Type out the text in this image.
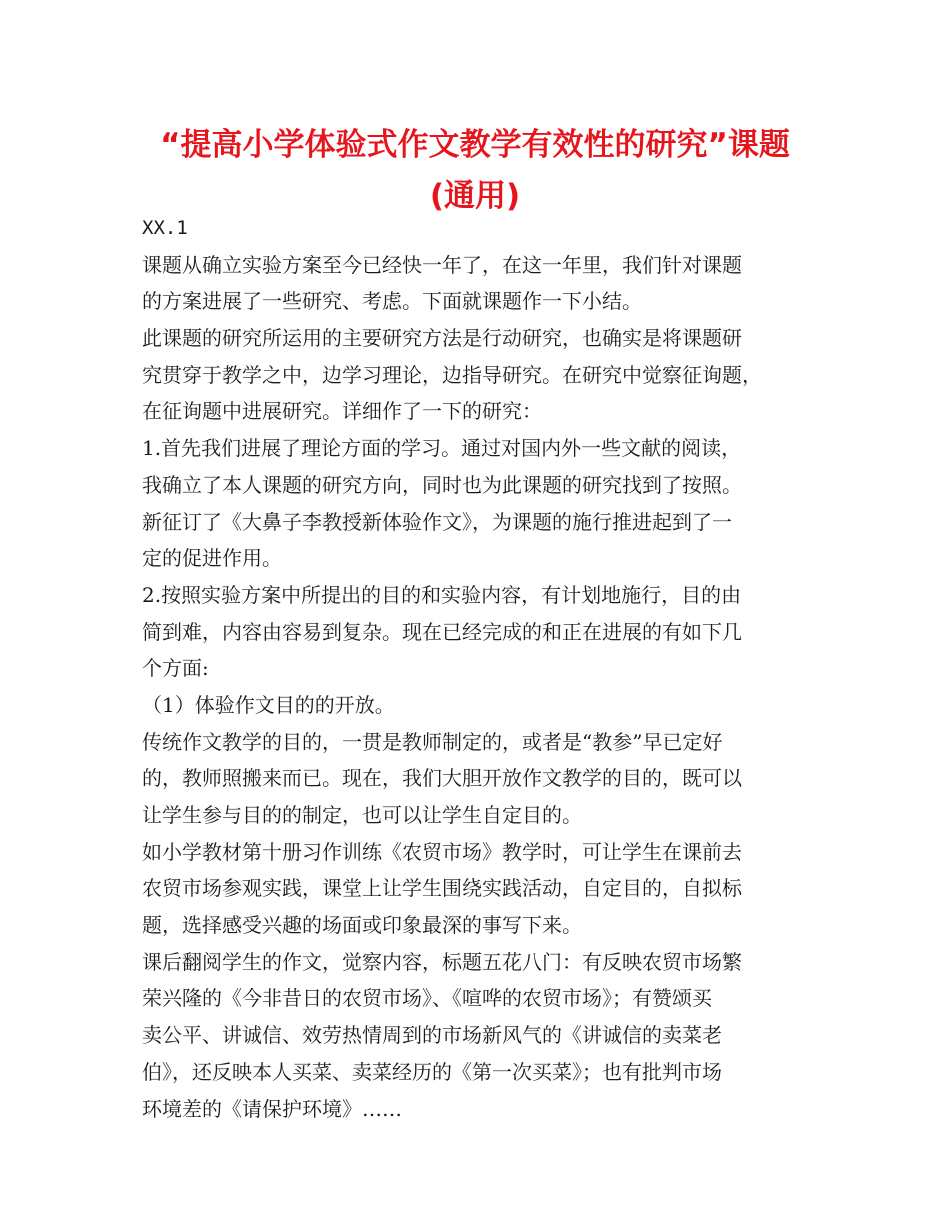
“提高小学体验式作文教学有效性的研究”课题
(通用)

XX.1

课题从确立实验方案至今已经快一年了，在这一年里，我们针对课题

的方案进展了一些研究、考虑。下面就课题作一下小结。

此课题的研究所运用的主要研究方法是行动研究，也确实是将课题研

究贯穿于教学之中，边学习理论，边指导研究。在研究中觉察征询题，

在征询题中进展研究。详细作了一下的研究：

1.首先我们进展了理论方面的学习。通过对国内外一些文献的阅读，

我确立了本人课题的研究方向，同时也为此课题的研究找到了按照。

新征订了《大鼻子李教授新体验作文》，为课题的施行推进起到了一

定的促进作用。

2.按照实验方案中所提出的目的和实验内容，有计划地施行，目的由

简到难，内容由容易到复杂。现在已经完成的和正在进展的有如下几

个方面:

（1）体验作文目的的开放。

传统作文教学的目的，一贯是教师制定的，或者是“教参”早已定好

的，教师照搬来而已。现在，我们大胆开放作文教学的目的，既可以

让学生参与目的的制定，也可以让学生自定目的。

如小学教材第十册习作训练《农贸市场》教学时，可让学生在课前去

农贸市场参观实践，课堂上让学生围绕实践活动，自定目的，自拟标

题，选择感受兴趣的场面或印象最深的事写下来。

课后翻阅学生的作文，觉察内容，标题五花八门：有反映农贸市场繁

荣兴隆的《今非昔日的农贸市场》、《喧哗的农贸市场》；有赞颂买

卖公平、讲诚信、效劳热情周到的市场新风气的《讲诚信的卖菜老

伯》，还反映本人买菜、卖菜经历的《第一次买菜》；也有批判市场

环境差的《请保护环境》……
